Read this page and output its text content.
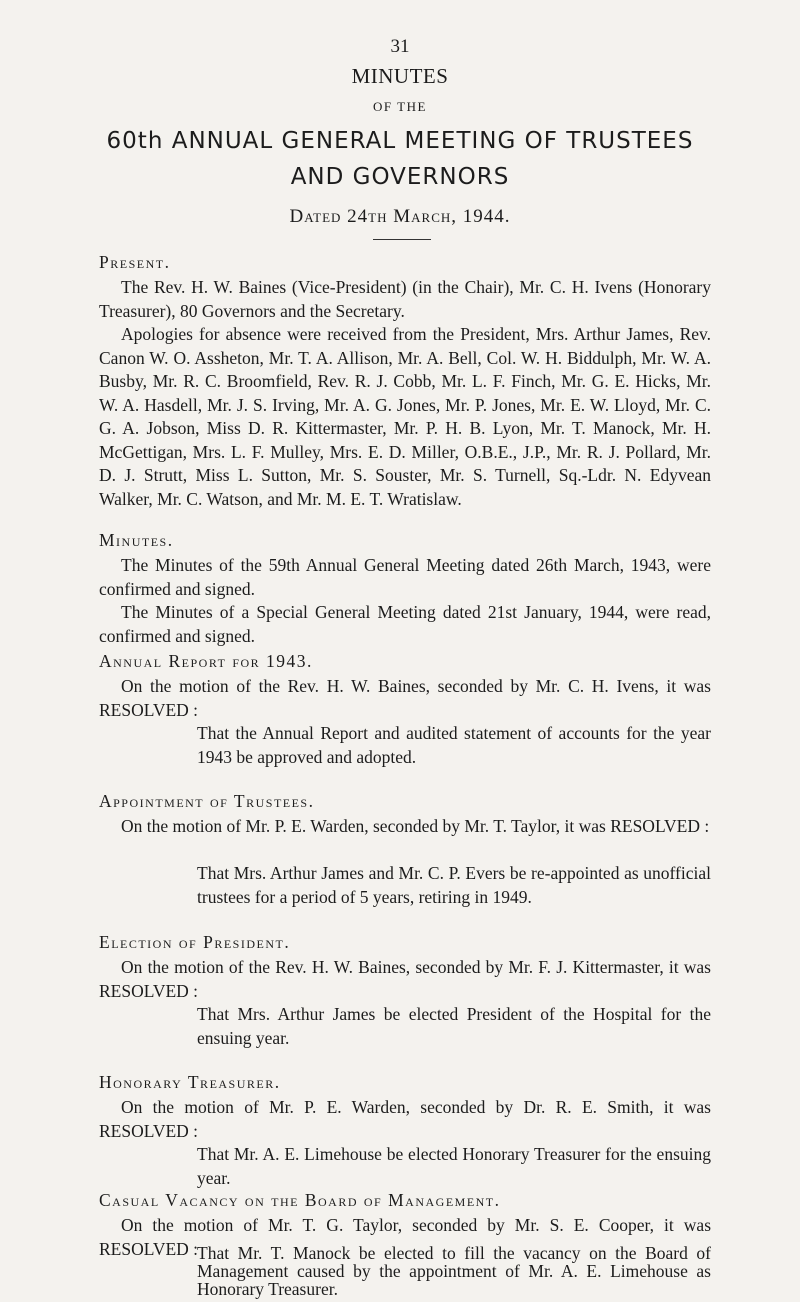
31
MINUTES
OF THE
60th ANNUAL GENERAL MEETING OF TRUSTEES
AND GOVERNORS
Dated 24th March, 1944.
Present.

The Rev. H. W. Baines (Vice-President) (in the Chair), Mr. C. H. Ivens (Honorary Treasurer), 80 Governors and the Secretary.

Apologies for absence were received from the President, Mrs. Arthur James, Rev. Canon W. O. Assheton, Mr. T. A. Allison, Mr. A. Bell, Col. W. H. Biddulph, Mr. W. A. Busby, Mr. R. C. Broomfield, Rev. R. J. Cobb, Mr. L. F. Finch, Mr. G. E. Hicks, Mr. W. A. Hasdell, Mr. J. S. Irving, Mr. A. G. Jones, Mr. P. Jones, Mr. E. W. Lloyd, Mr. C. G. A. Jobson, Miss D. R. Kittermaster, Mr. P. H. B. Lyon, Mr. T. Manock, Mr. H. McGettigan, Mrs. L. F. Mulley, Mrs. E. D. Miller, O.B.E., J.P., Mr. R. J. Pollard, Mr. D. J. Strutt, Miss L. Sutton, Mr. S. Souster, Mr. S. Turnell, Sq.-Ldr. N. Edyvean Walker, Mr. C. Watson, and Mr. M. E. T. Wratislaw.

Minutes.

The Minutes of the 59th Annual General Meeting dated 26th March, 1943, were confirmed and signed.

The Minutes of a Special General Meeting dated 21st January, 1944, were read, confirmed and signed.

Annual Report for 1943.

On the motion of the Rev. H. W. Baines, seconded by Mr. C. H. Ivens, it was RESOLVED :

That the Annual Report and audited statement of accounts for the year 1943 be approved and adopted.
Appointment of Trustees.

On the motion of Mr. P. E. Warden, seconded by Mr. T. Taylor, it was RESOLVED :

That Mrs. Arthur James and Mr. C. P. Evers be re-appointed as unofficial trustees for a period of 5 years, retiring in 1949.
Election of President.

On the motion of the Rev. H. W. Baines, seconded by Mr. F. J. Kittermaster, it was RESOLVED :

That Mrs. Arthur James be elected President of the Hospital for the ensuing year.
Honorary Treasurer.

On the motion of Mr. P. E. Warden, seconded by Dr. R. E. Smith, it was RESOLVED :

That Mr. A. E. Limehouse be elected Honorary Treasurer for the ensuing year.
Casual Vacancy on the Board of Management.

On the motion of Mr. T. G. Taylor, seconded by Mr. S. E. Cooper, it was RESOLVED :

That Mr. T. Manock be elected to fill the vacancy on the Board of Management caused by the appointment of Mr. A. E. Limehouse as Honorary Treasurer.
